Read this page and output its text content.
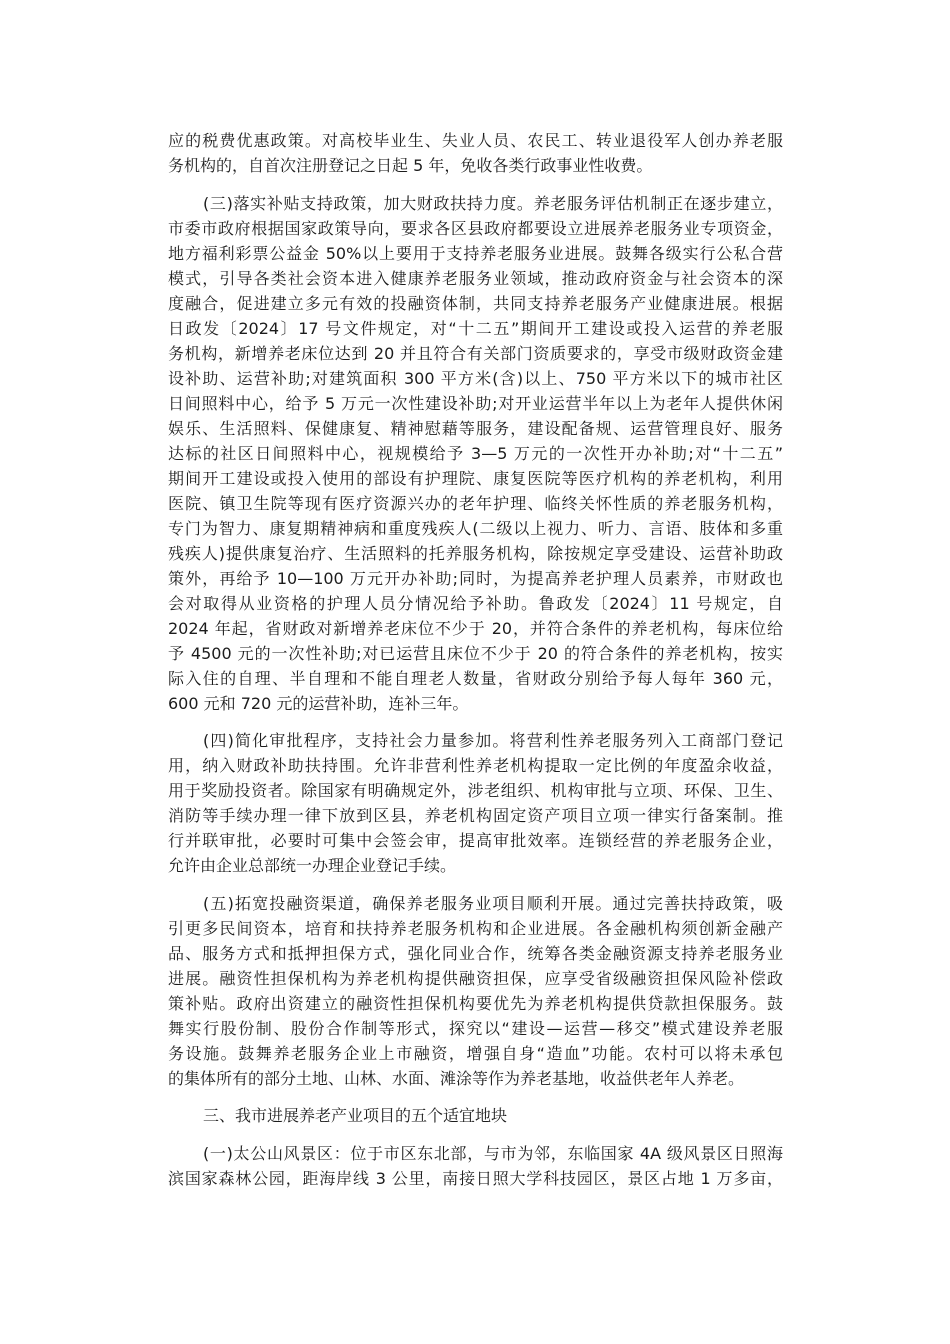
应的税费优惠政策。对高校毕业生、失业人员、农民工、转业退役军人创办养老服
务机构的，自首次注册登记之日起 5 年，免收各类行政事业性收费。
(三)落实补贴支持政策，加大财政扶持力度。养老服务评估机制正在逐步建立，
市委市政府根据国家政策导向，要求各区县政府都要设立进展养老服务业专项资金，
地方福利彩票公益金 50%以上要用于支持养老服务业进展。鼓舞各级实行公私合营
模式，引导各类社会资本进入健康养老服务业领域，推动政府资金与社会资本的深
度融合，促进建立多元有效的投融资体制，共同支持养老服务产业健康进展。根据
日政发〔2024〕17 号文件规定，对“十二五”期间开工建设或投入运营的养老服
务机构，新增养老床位达到 20 并且符合有关部门资质要求的，享受市级财政资金建
设补助、运营补助;对建筑面积 300 平方米(含)以上、750 平方米以下的城市社区
日间照料中心，给予 5 万元一次性建设补助;对开业运营半年以上为老年人提供休闲
娱乐、生活照料、保健康复、精神慰藉等服务，建设配备规、运营管理良好、服务
达标的社区日间照料中心，视规模给予 3—5 万元的一次性开办补助;对“十二五”
期间开工建设或投入使用的部设有护理院、康复医院等医疗机构的养老机构，利用
医院、镇卫生院等现有医疗资源兴办的老年护理、临终关怀性质的养老服务机构，
专门为智力、康复期精神病和重度残疾人(二级以上视力、听力、言语、肢体和多重
残疾人)提供康复治疗、生活照料的托养服务机构，除按规定享受建设、运营补助政
策外，再给予 10—100 万元开办补助;同时，为提高养老护理人员素养，市财政也
会对取得从业资格的护理人员分情况给予补助。鲁政发〔2024〕11 号规定，自
2024 年起，省财政对新增养老床位不少于 20，并符合条件的养老机构，每床位给
予 4500 元的一次性补助;对已运营且床位不少于 20 的符合条件的养老机构，按实
际入住的自理、半自理和不能自理老人数量，省财政分别给予每人每年 360 元，
600 元和 720 元的运营补助，连补三年。
(四)简化审批程序，支持社会力量参加。将营利性养老服务列入工商部门登记
用，纳入财政补助扶持围。允许非营利性养老机构提取一定比例的年度盈余收益，
用于奖励投资者。除国家有明确规定外，涉老组织、机构审批与立项、环保、卫生、
消防等手续办理一律下放到区县，养老机构固定资产项目立项一律实行备案制。推
行并联审批，必要时可集中会签会审，提高审批效率。连锁经营的养老服务企业，
允许由企业总部统一办理企业登记手续。
(五)拓宽投融资渠道，确保养老服务业项目顺利开展。通过完善扶持政策，吸
引更多民间资本，培育和扶持养老服务机构和企业进展。各金融机构须创新金融产
品、服务方式和抵押担保方式，强化同业合作，统筹各类金融资源支持养老服务业
进展。融资性担保机构为养老机构提供融资担保，应享受省级融资担保风险补偿政
策补贴。政府出资建立的融资性担保机构要优先为养老机构提供贷款担保服务。鼓
舞实行股份制、股份合作制等形式，探究以“建设—运营—移交”模式建设养老服
务设施。鼓舞养老服务企业上市融资，增强自身“造血”功能。农村可以将未承包
的集体所有的部分土地、山林、水面、滩涂等作为养老基地，收益供老年人养老。
三、我市进展养老产业项目的五个适宜地块
(一)太公山风景区：位于市区东北部，与市为邻，东临国家 4A 级风景区日照海
滨国家森林公园，距海岸线 3 公里，南接日照大学科技园区，景区占地 1 万多亩，
